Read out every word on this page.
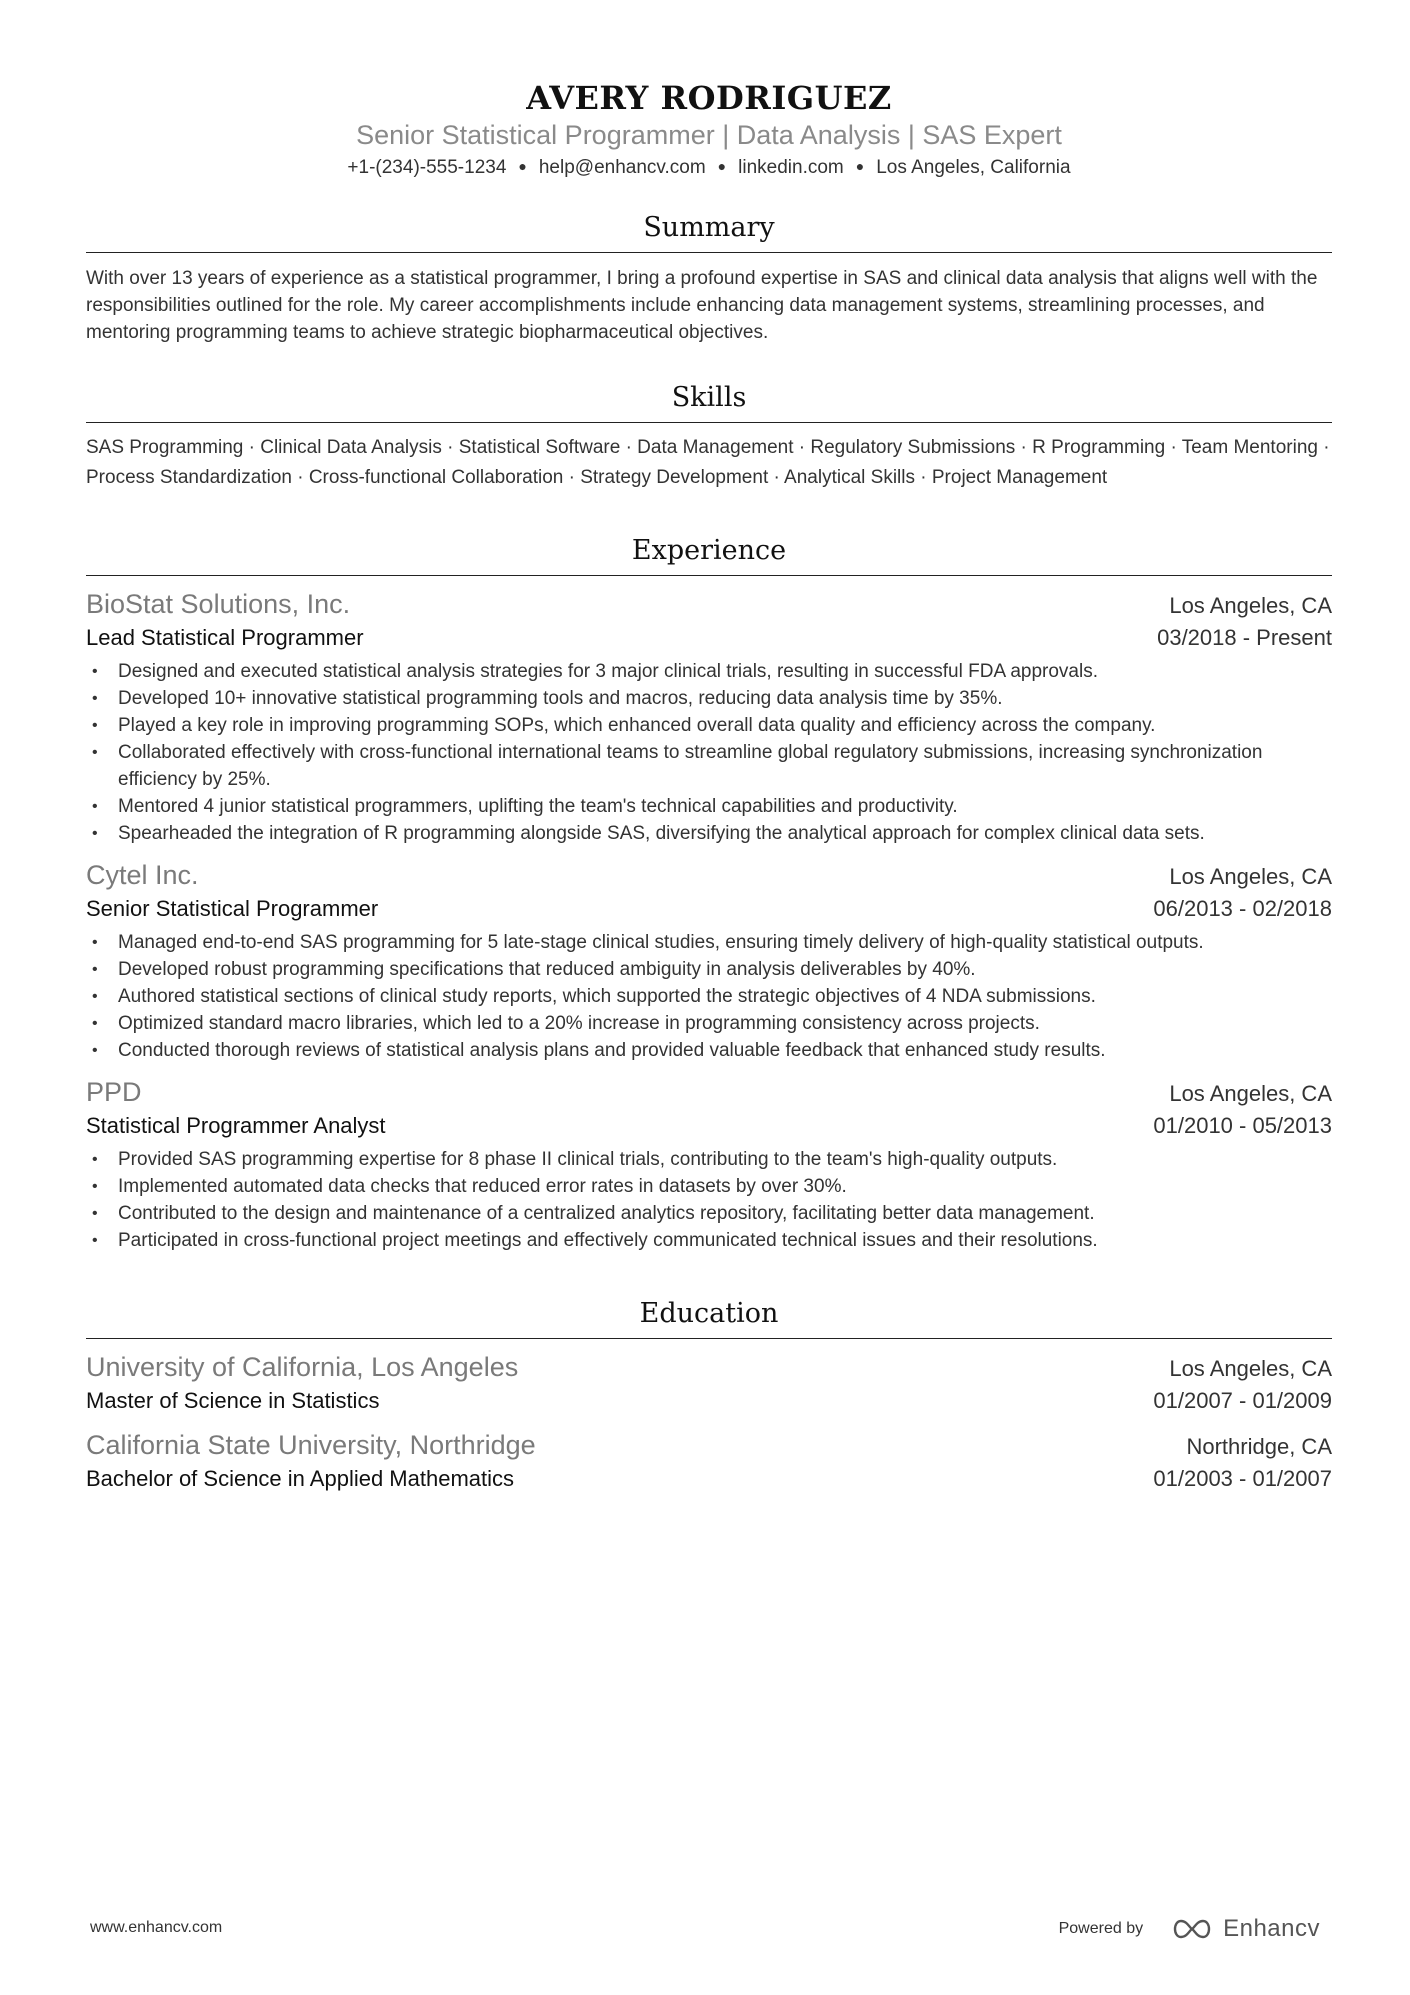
AVERY RODRIGUEZ
Senior Statistical Programmer | Data Analysis | SAS Expert
+1-(234)-555-1234 ● help@enhancv.com ● linkedin.com ● Los Angeles, California
Summary
With over 13 years of experience as a statistical programmer, I bring a profound expertise in SAS and clinical data analysis that aligns well with the responsibilities outlined for the role. My career accomplishments include enhancing data management systems, streamlining processes, and mentoring programming teams to achieve strategic biopharmaceutical objectives.
Skills
SAS Programming · Clinical Data Analysis · Statistical Software · Data Management · Regulatory Submissions · R Programming · Team Mentoring · Process Standardization · Cross-functional Collaboration · Strategy Development · Analytical Skills · Project Management
Experience
BioStat Solutions, Inc.	Los Angeles, CA
Lead Statistical Programmer	03/2018 - Present
• Designed and executed statistical analysis strategies for 3 major clinical trials, resulting in successful FDA approvals.
• Developed 10+ innovative statistical programming tools and macros, reducing data analysis time by 35%.
• Played a key role in improving programming SOPs, which enhanced overall data quality and efficiency across the company.
• Collaborated effectively with cross-functional international teams to streamline global regulatory submissions, increasing synchronization efficiency by 25%.
• Mentored 4 junior statistical programmers, uplifting the team's technical capabilities and productivity.
• Spearheaded the integration of R programming alongside SAS, diversifying the analytical approach for complex clinical data sets.
Cytel Inc.	Los Angeles, CA
Senior Statistical Programmer	06/2013 - 02/2018
• Managed end-to-end SAS programming for 5 late-stage clinical studies, ensuring timely delivery of high-quality statistical outputs.
• Developed robust programming specifications that reduced ambiguity in analysis deliverables by 40%.
• Authored statistical sections of clinical study reports, which supported the strategic objectives of 4 NDA submissions.
• Optimized standard macro libraries, which led to a 20% increase in programming consistency across projects.
• Conducted thorough reviews of statistical analysis plans and provided valuable feedback that enhanced study results.
PPD	Los Angeles, CA
Statistical Programmer Analyst	01/2010 - 05/2013
• Provided SAS programming expertise for 8 phase II clinical trials, contributing to the team's high-quality outputs.
• Implemented automated data checks that reduced error rates in datasets by over 30%.
• Contributed to the design and maintenance of a centralized analytics repository, facilitating better data management.
• Participated in cross-functional project meetings and effectively communicated technical issues and their resolutions.
Education
University of California, Los Angeles	Los Angeles, CA
Master of Science in Statistics	01/2007 - 01/2009
California State University, Northridge	Northridge, CA
Bachelor of Science in Applied Mathematics	01/2003 - 01/2007
www.enhancv.com	Powered by	Enhancv
